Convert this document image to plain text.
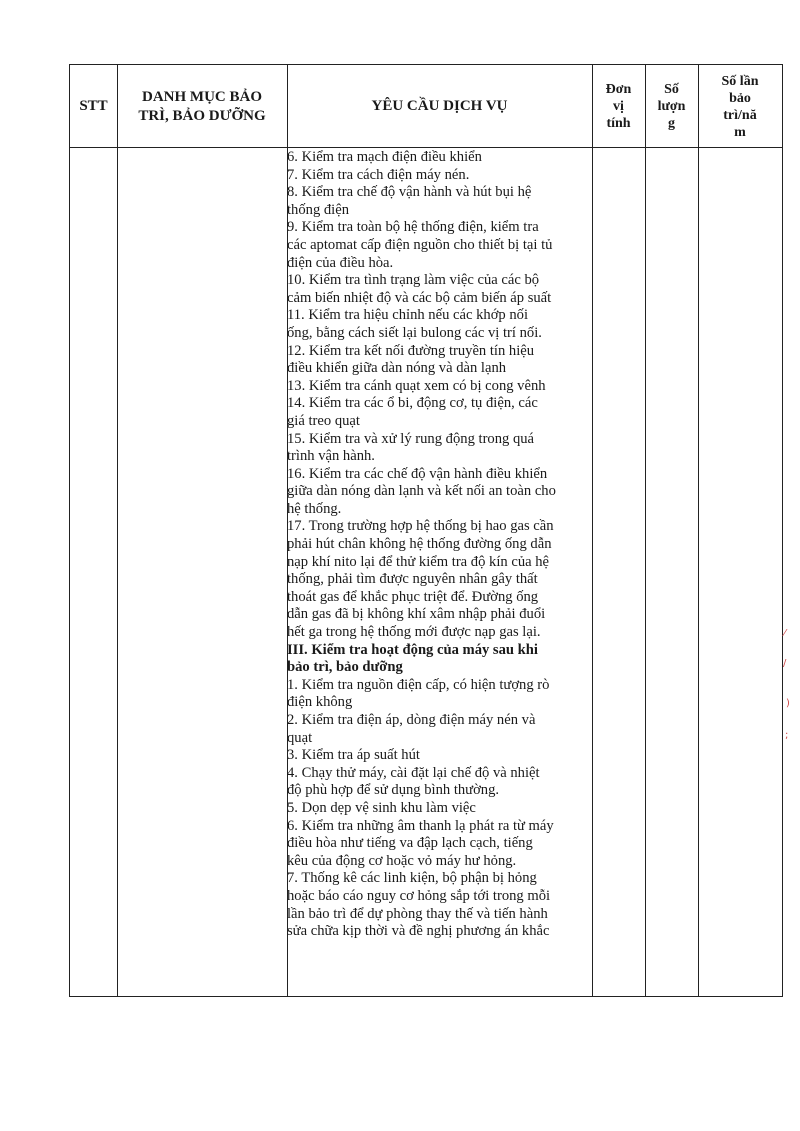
STT
DANH MỤC BẢO
TRÌ, BẢO DƯỠNG
YÊU CẦU DỊCH VỤ
Đơn
vị
tính
Số
lượn
g
Số lần
bảo
trì/nă
m
6. Kiểm tra mạch điện điều khiển
7. Kiểm tra cách điện máy nén.
8. Kiểm tra chế độ vận hành và hút bụi hệ
thống điện
9. Kiểm tra toàn bộ hệ thống điện, kiểm tra
các aptomat cấp điện nguồn cho thiết bị tại tủ
điện của điều hòa.
10. Kiểm tra tình trạng làm việc của các bộ
cảm biến nhiệt độ và các bộ cảm biến áp suất
11. Kiểm tra hiệu chỉnh nếu các khớp nối
ống, bằng cách siết lại bulong các vị trí nối.
12. Kiểm tra kết nối đường truyền tín hiệu
điều khiển giữa dàn nóng và dàn lạnh
13. Kiểm tra cánh quạt xem có bị cong vênh
14. Kiểm tra các ổ bi, động cơ, tụ điện, các
giá treo quạt
15. Kiểm tra và xử lý rung động trong quá
trình vận hành.
16. Kiểm tra các chế độ vận hành điều khiển
giữa dàn nóng dàn lạnh và kết nối an toàn cho
hệ thống.
17. Trong trường hợp hệ thống bị hao gas cần
phải hút chân không hệ thống đường ống dẫn
nạp khí nito lại để thử kiểm tra độ kín của hệ
thống, phải tìm được nguyên nhân gây thất
thoát gas để khắc phục triệt để. Đường ống
dẫn gas đã bị không khí xâm nhập phải đuổi
hết ga trong hệ thống mới được nạp gas lại.
III. Kiểm tra hoạt động của máy sau khi
bảo trì, bảo dưỡng
1. Kiểm tra nguồn điện cấp, có hiện tượng rò
điện không
2. Kiểm tra điện áp, dòng điện máy nén và
quạt
3. Kiểm tra áp suất hút
4. Chạy thử máy, cài đặt lại chế độ và nhiệt
độ phù hợp để sử dụng bình thường.
5. Dọn dẹp vệ sinh khu làm việc
6. Kiểm tra những âm thanh lạ phát ra từ máy
điều hòa như tiếng va đập lạch cạch, tiếng
kêu của động cơ hoặc vỏ máy hư hỏng.
7. Thống kê các linh kiện, bộ phận bị hỏng
hoặc báo cáo nguy cơ hỏng sắp tới trong mỗi
lần bảo trì để dự phòng thay thế và tiến hành
sửa chữa kịp thời và đề nghị phương án khắc
⁄
/
)
;
